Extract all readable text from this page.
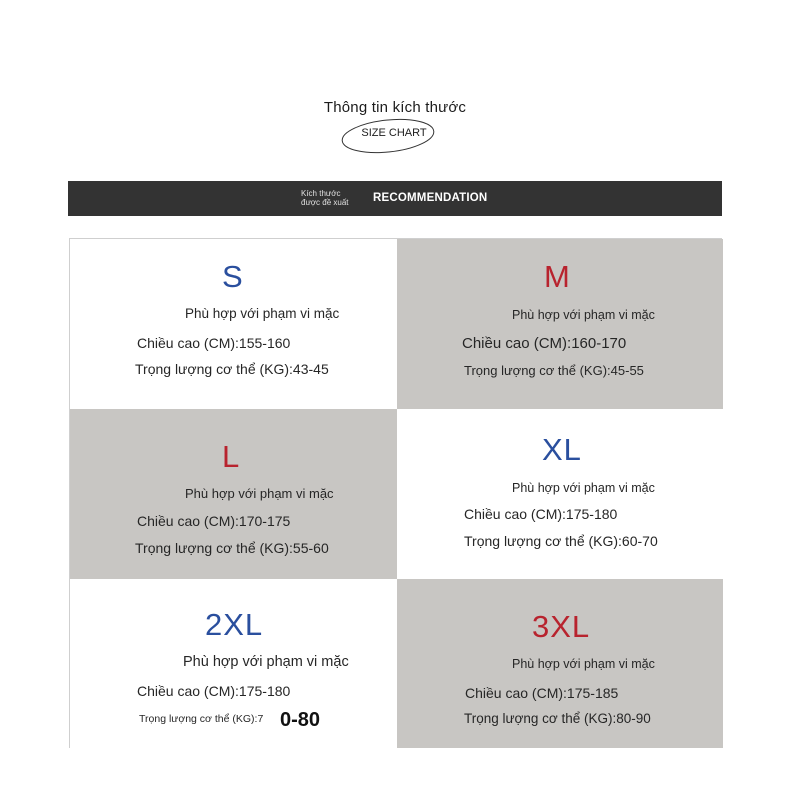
Thông tin kích thước
SIZE CHART
Kích thước
được đề xuất	RECOMMENDATION
S
Phù hợp với phạm vi mặc
Chiều cao (CM):155-160
Trọng lượng cơ thể (KG):43-45
M
Phù hợp với phạm vi mặc
Chiều cao (CM):160-170
Trọng lượng cơ thể (KG):45-55
L
Phù hợp với phạm vi mặc
Chiều cao (CM):170-175
Trọng lượng cơ thể (KG):55-60
XL
Phù hợp với phạm vi mặc
Chiều cao (CM):175-180
Trọng lượng cơ thể (KG):60-70
2XL
Phù hợp với phạm vi mặc
Chiều cao (CM):175-180
Trọng lượng cơ thể (KG):7 0-80
3XL
Phù hợp với phạm vi mặc
Chiều cao (CM):175-185
Trọng lượng cơ thể (KG):80-90
